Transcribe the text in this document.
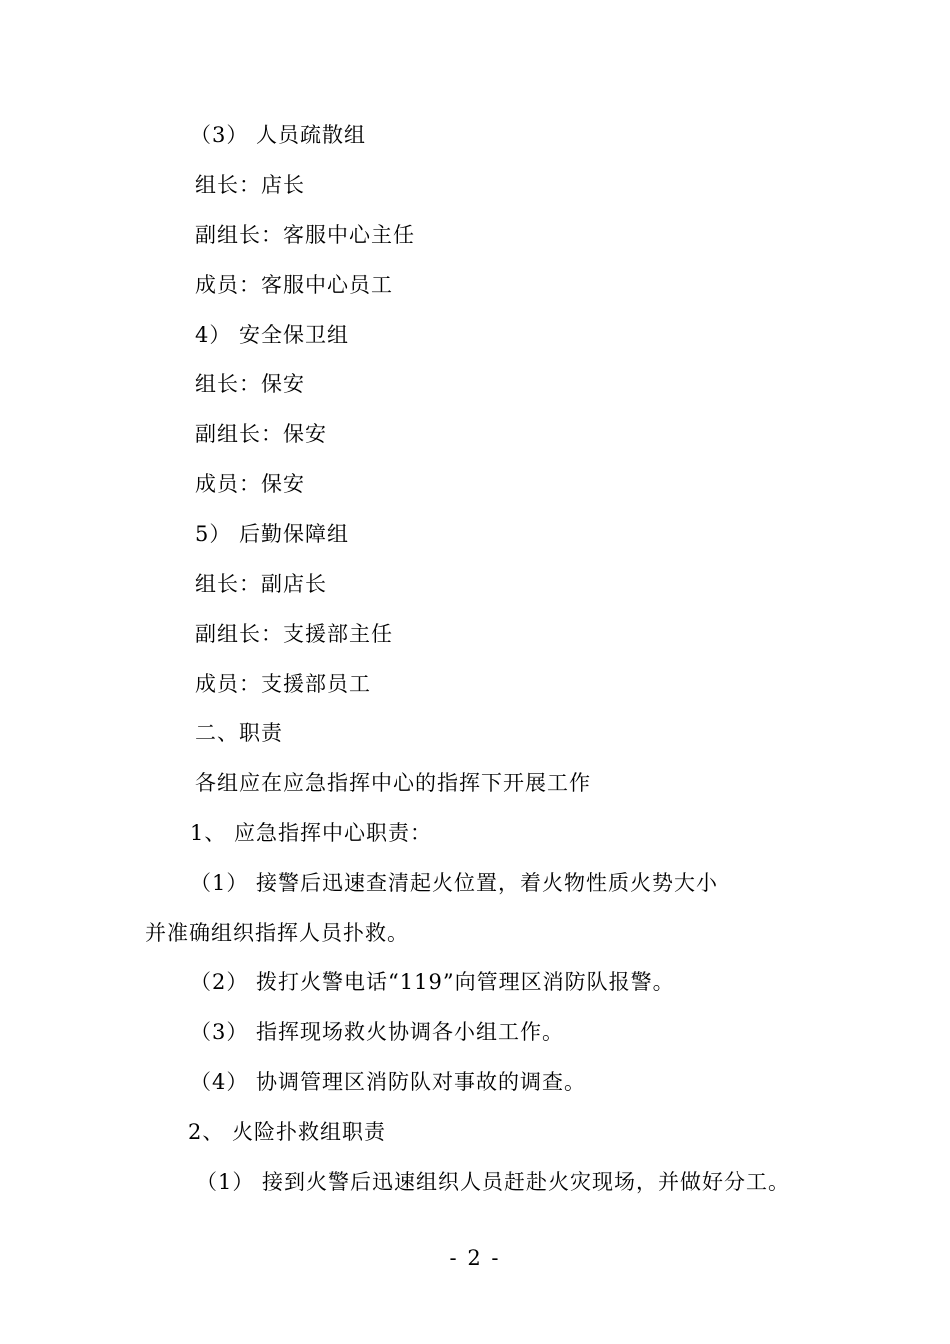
（3） 人员疏散组
组长：店长
副组长：客服中心主任
成员：客服中心员工
4） 安全保卫组
组长：保安
副组长：保安
成员：保安
5） 后勤保障组
组长：副店长
副组长：支援部主任
成员：支援部员工
二、职责
各组应在应急指挥中心的指挥下开展工作
1、 应急指挥中心职责：
（1） 接警后迅速查清起火位置，着火物性质火势大小
并准确组织指挥人员扑救。
（2） 拨打火警电话“119”向管理区消防队报警。
（3） 指挥现场救火协调各小组工作。
（4） 协调管理区消防队对事故的调查。
2、 火险扑救组职责
（1） 接到火警后迅速组织人员赶赴火灾现场，并做好分工。
- 2 -
